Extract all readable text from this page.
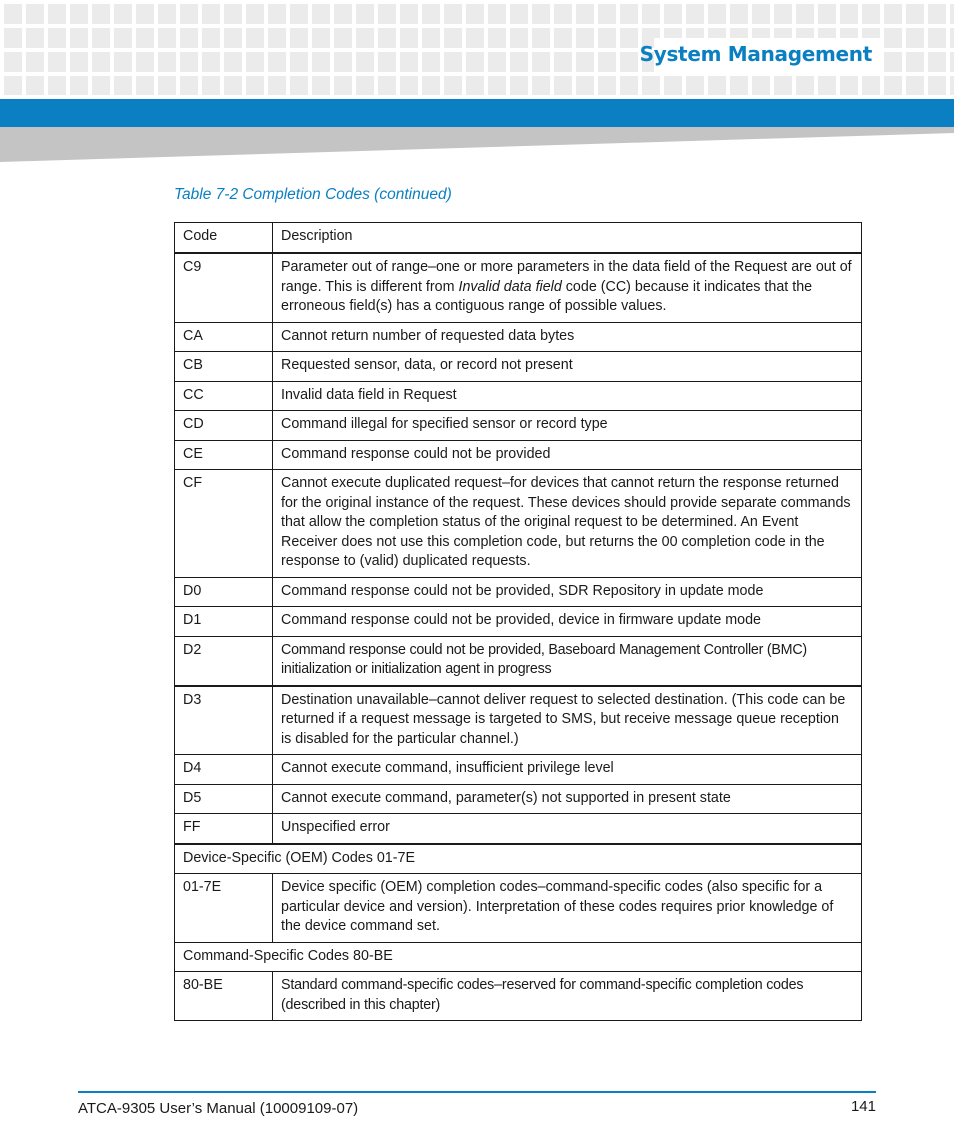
System Management
Table 7-2 Completion Codes (continued)
Code	Description
C9	Parameter out of range–one or more parameters in the data field of the Request are out of range. This is different from Invalid data field code (CC) because it indicates that the erroneous field(s) has a contiguous range of possible values.
CA	Cannot return number of requested data bytes
CB	Requested sensor, data, or record not present
CC	Invalid data field in Request
CD	Command illegal for specified sensor or record type
CE	Command response could not be provided
CF	Cannot execute duplicated request–for devices that cannot return the response returned for the original instance of the request. These devices should provide separate commands that allow the completion status of the original request to be determined. An Event Receiver does not use this completion code, but returns the 00 completion code in the response to (valid) duplicated requests.
D0	Command response could not be provided, SDR Repository in update mode
D1	Command response could not be provided, device in firmware update mode
D2	Command response could not be provided, Baseboard Management Controller (BMC) initialization or initialization agent in progress
D3	Destination unavailable–cannot deliver request to selected destination. (This code can be returned if a request message is targeted to SMS, but receive message queue reception is disabled for the particular channel.)
D4	Cannot execute command, insufficient privilege level
D5	Cannot execute command, parameter(s) not supported in present state
FF	Unspecified error
Device-Specific (OEM) Codes 01-7E	
01-7E	Device specific (OEM) completion codes–command-specific codes (also specific for a particular device and version). Interpretation of these codes requires prior knowledge of the device command set.
Command-Specific Codes 80-BE	
80-BE	Standard command-specific codes–reserved for command-specific completion codes (described in this chapter)
ATCA-9305 User’s Manual (10009109-07)	141
